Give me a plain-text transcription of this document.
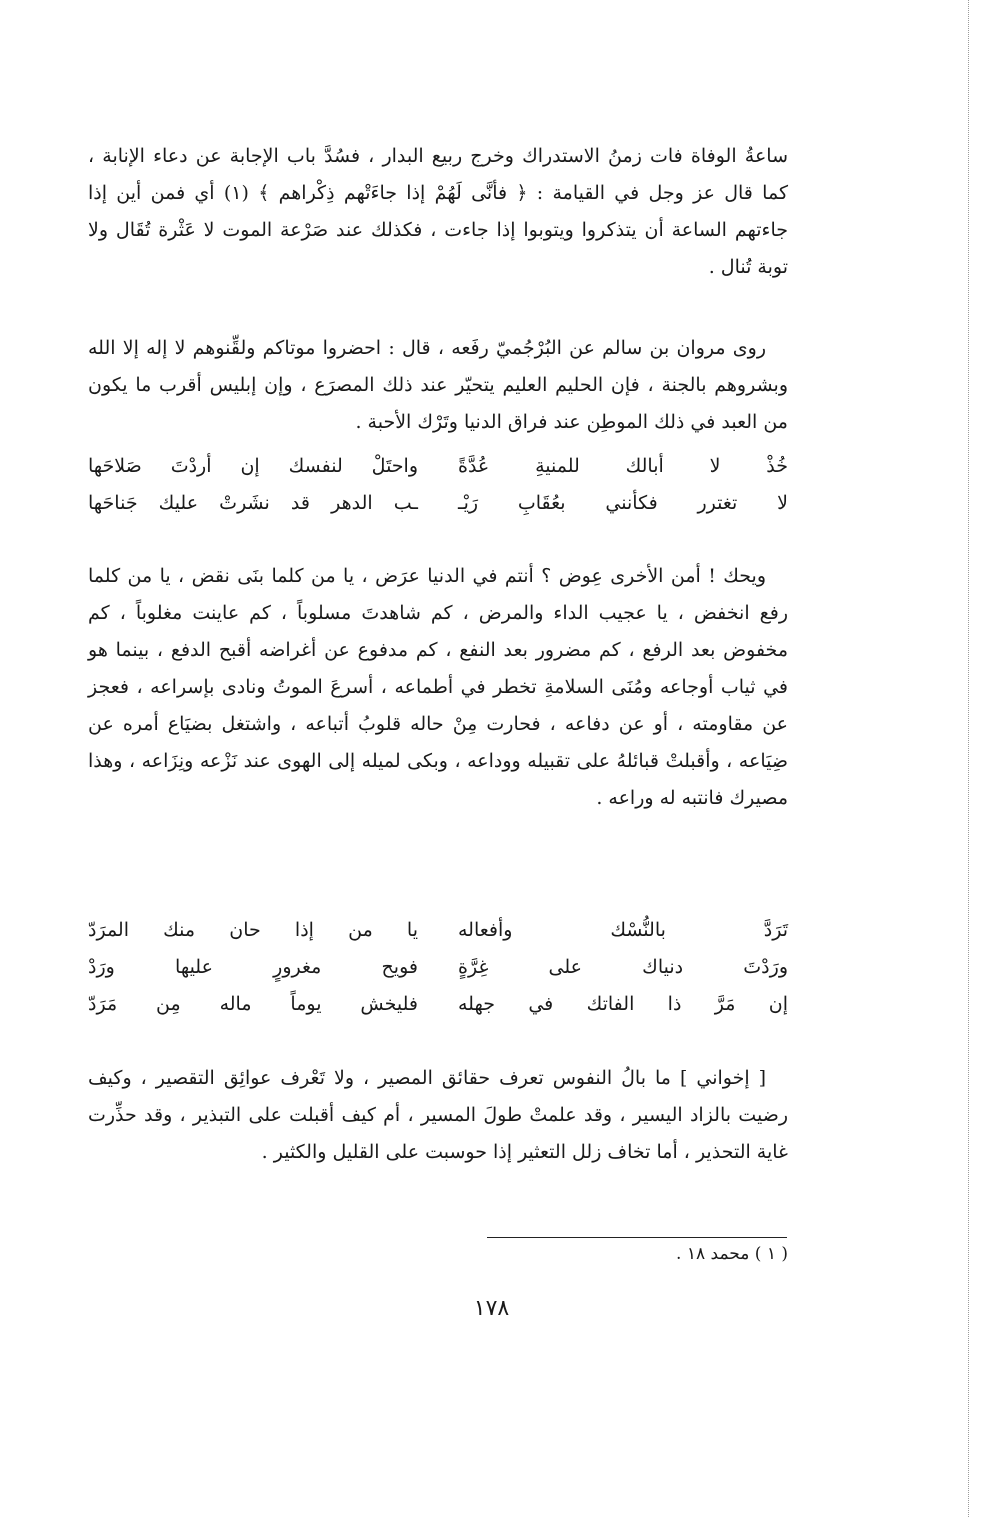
ساعةُ الوفاة فات زمنُ الاستدراك وخرج ربيع البدار ، فسُدَّ باب الإجابة عن دعاء الإنابة ، كما قال عز وجل في القيامة : ﴿ فأنَّى لَهُمْ إذا جاءَتْهم ذِكْراهم ﴾ (١) أي فمن أين إذا جاءتهم الساعة أن يتذكروا ويتوبوا إذا جاءت ، فكذلك عند صَرْعة الموت لا عَثْرة تُقَال ولا توبة تُنال .

روى مروان بن سالم عن البُرْجُميّ رفَعه ، قال : احضروا موتاكم ولقِّنوهم لا إله إلا الله وبشروهم بالجنة ، فإن الحليم العليم يتحيّر عند ذلك المصرَع ، وإن إبليس أقرب ما يكون من العبد في ذلك الموطِن عند فراق الدنيا وتَرْك الأحبة .

خُذْ لا أبالك للمنيةِ عُدَّةً
واحتَلْ لنفسك إن أردْتَ صَلاحَها
لا تغترر فكأنني بعُقَابِ رَيْـ
ـب الدهر قد نشَرتْ عليك جَناحَها

ويحك ! أمن الأخرى عِوض ؟ أنتم في الدنيا عرَض ، يا من كلما بنَى نقض ، يا من كلما رفع انخفض ، يا عجيب الداء والمرض ، كم شاهدتَ مسلوباً ، كم عاينت مغلوباً ، كم مخفوض بعد الرفع ، كم مضرور بعد النفع ، كم مدفوع عن أغراضه أقبح الدفع ، بينما هو في ثياب أوجاعه ومُنَى السلامةِ تخطر في أطماعه ، أسرعَ الموتُ ونادى بإسراعه ، فعجز عن مقاومته ، أو عن دفاعه ، فحارت مِنْ حاله قلوبُ أتباعه ، واشتغل بضيَاع أمره عن ضِيَاعه ، وأقبلتْ قبائلهُ على تقبيله ووداعه ، وبكى لميله إلى الهوى عند نَزْعه ونِزَاعه ، وهذا مصيرك فانتبه له وراعه .

تَرَدَّ بالنُّسْك وأفعاله
يا من إذا حان منك المرَدّ
ورَدْتَ دنياك على غِرَّةٍ
فويح مغرورٍ عليها ورَدْ
إن مَرَّ ذا الفاتك في جهله
فليخش يوماً ماله مِن مَرَدّ

[ إخواني ] ما بالُ النفوس تعرف حقائق المصير ، ولا تَعْرف عوائِق التقصير ، وكيف رضيت بالزاد اليسير ، وقد علمتْ طولَ المسير ، أم كيف أقبلت على التبذير ، وقد حذِّرت غاية التحذير ، أما تخاف زلل التعثير إذا حوسبت على القليل والكثير .

( ١ ) محمد ١٨ .
١٧٨
